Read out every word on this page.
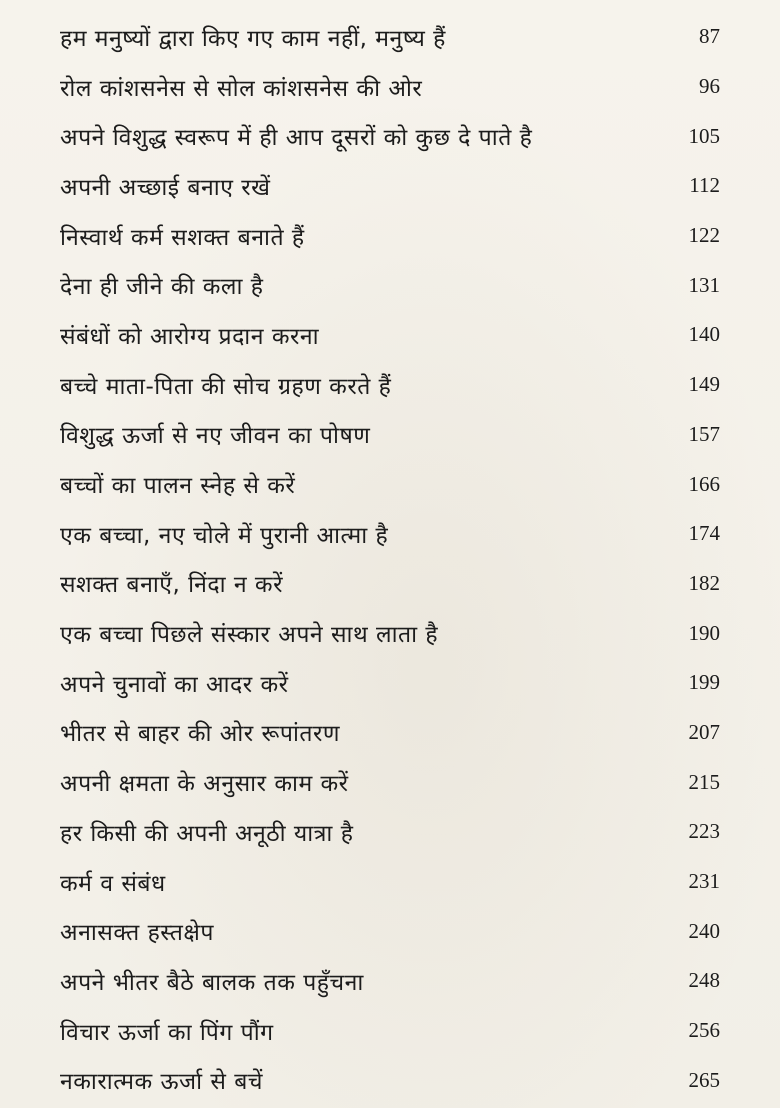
हम मनुष्यों द्वारा किए गए काम नहीं, मनुष्य हैं	87
रोल कांशसनेस से सोल कांशसनेस की ओर	96
अपने विशुद्ध स्वरूप में ही आप दूसरों को कुछ दे पाते है	105
अपनी अच्छाई बनाए रखें	112
निस्वार्थ कर्म सशक्त बनाते हैं	122
देना ही जीने की कला है	131
संबंधों को आरोग्य प्रदान करना	140
बच्चे माता-पिता की सोच ग्रहण करते हैं	149
विशुद्ध ऊर्जा से नए जीवन का पोषण	157
बच्चों का पालन स्नेह से करें	166
एक बच्चा, नए चोले में पुरानी आत्मा है	174
सशक्त बनाएँ, निंदा न करें	182
एक बच्चा पिछले संस्कार अपने साथ लाता है	190
अपने चुनावों का आदर करें	199
भीतर से बाहर की ओर रूपांतरण	207
अपनी क्षमता के अनुसार काम करें	215
हर किसी की अपनी अनूठी यात्रा है	223
कर्म व संबंध	231
अनासक्त हस्तक्षेप	240
अपने भीतर बैठे बालक तक पहुँचना	248
विचार ऊर्जा का पिंग पौंग	256
नकारात्मक ऊर्जा से बचें	265
